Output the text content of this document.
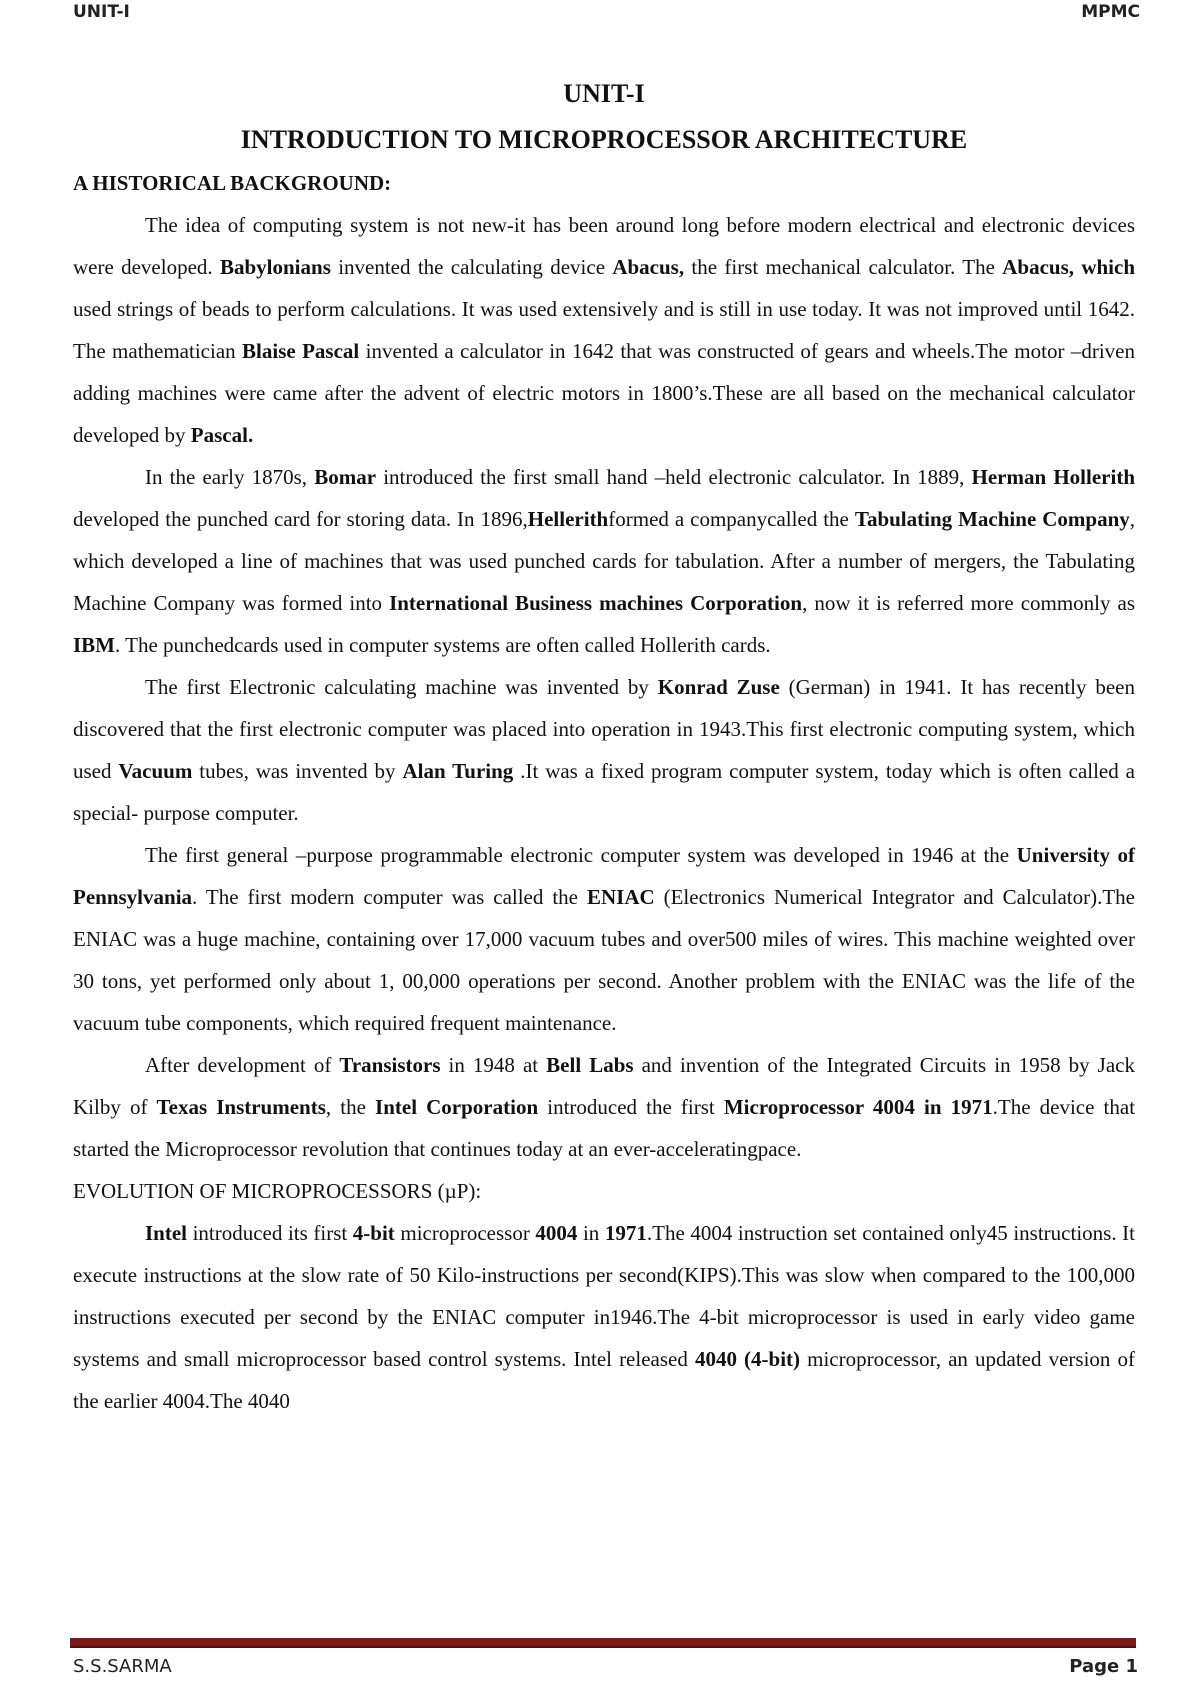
UNIT-I	MPMC
UNIT-I
INTRODUCTION TO MICROPROCESSOR ARCHITECTURE
A HISTORICAL BACKGROUND:

The idea of computing system is not new-it has been around long before modern electrical and electronic devices were developed. Babylonians invented the calculating device Abacus, the first mechanical calculator. The Abacus, which used strings of beads to perform calculations. It was used extensively and is still in use today. It was not improved until 1642. The mathematician Blaise Pascal invented a calculator in 1642 that was constructed of gears and wheels.The motor –driven adding machines were came after the advent of electric motors in 1800’s.These are all based on the mechanical calculator developed by Pascal.

In the early 1870s, Bomar introduced the first small hand –held electronic calculator. In 1889, Herman Hollerith developed the punched card for storing data. In 1896,Hellerithformed a companycalled the Tabulating Machine Company, which developed a line of machines that was used punched cards for tabulation. After a number of mergers, the Tabulating Machine Company was formed into International Business machines Corporation, now it is referred more commonly as IBM. The punchedcards used in computer systems are often called Hollerith cards.

The first Electronic calculating machine was invented by Konrad Zuse (German) in 1941. It has recently been discovered that the first electronic computer was placed into operation in 1943.This first electronic computing system, which used Vacuum tubes, was invented by Alan Turing .It was a fixed program computer system, today which is often called a special- purpose computer.

The first general –purpose programmable electronic computer system was developed in 1946 at the University of Pennsylvania. The first modern computer was called the ENIAC (Electronics Numerical Integrator and Calculator).The ENIAC was a huge machine, containing over 17,000 vacuum tubes and over500 miles of wires. This machine weighted over 30 tons, yet performed only about 1, 00,000 operations per second. Another problem with the ENIAC was the life of the vacuum tube components, which required frequent maintenance.

After development of Transistors in 1948 at Bell Labs and invention of the Integrated Circuits in 1958 by Jack Kilby of Texas Instruments, the Intel Corporation introduced the first Microprocessor 4004 in 1971.The device that started the Microprocessor revolution that continues today at an ever-acceleratingpace.

EVOLUTION OF MICROPROCESSORS (µP):

Intel introduced its first 4-bit microprocessor 4004 in 1971.The 4004 instruction set contained only45 instructions. It execute instructions at the slow rate of 50 Kilo-instructions per second(KIPS).This was slow when compared to the 100,000 instructions executed per second by the ENIAC computer in1946.The 4-bit microprocessor is used in early video game systems and small microprocessor based control systems. Intel released 4040 (4-bit) microprocessor, an updated version of the earlier 4004.The 4040

S.S.SARMA	Page 1
